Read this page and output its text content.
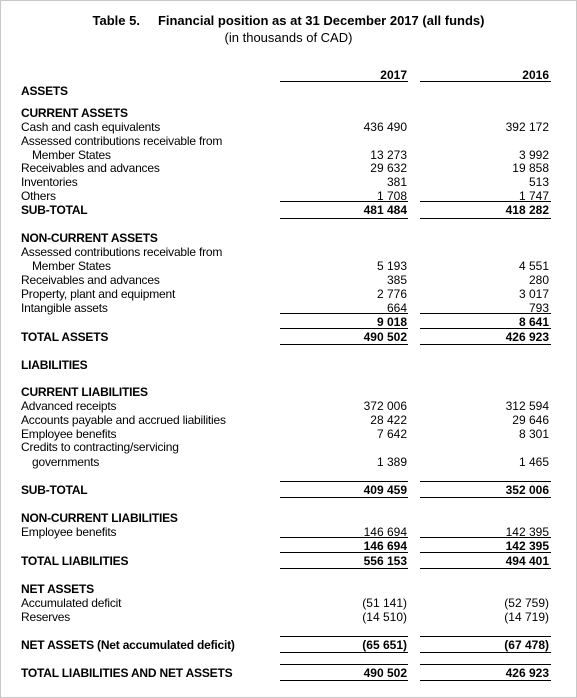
Table 5. Financial position as at 31 December 2017 (all funds)
(in thousands of CAD)
2017	2016
ASSETS
CURRENT ASSETS
Cash and cash equivalents	436 490	392 172
Assessed contributions receivable from
Member States	13 273	3 992
Receivables and advances	29 632	19 858
Inventories	381	513
Others	1 708	1 747
SUB-TOTAL	481 484	418 282
NON-CURRENT ASSETS
Assessed contributions receivable from
Member States	5 193	4 551
Receivables and advances	385	280
Property, plant and equipment	2 776	3 017
Intangible assets	664	793
9 018	8 641
TOTAL ASSETS	490 502	426 923
LIABILITIES
CURRENT LIABILITIES
Advanced receipts	372 006	312 594
Accounts payable and accrued liabilities	28 422	29 646
Employee benefits	7 642	8 301
Credits to contracting/servicing
governments	1 389	1 465
SUB-TOTAL	409 459	352 006
NON-CURRENT LIABILITIES
Employee benefits	146 694	142 395
146 694	142 395
TOTAL LIABILITIES	556 153	494 401
NET ASSETS
Accumulated deficit	(51 141)	(52 759)
Reserves	(14 510)	(14 719)
NET ASSETS (Net accumulated deficit)	(65 651)	(67 478)
TOTAL LIABILITIES AND NET ASSETS	490 502	426 923
